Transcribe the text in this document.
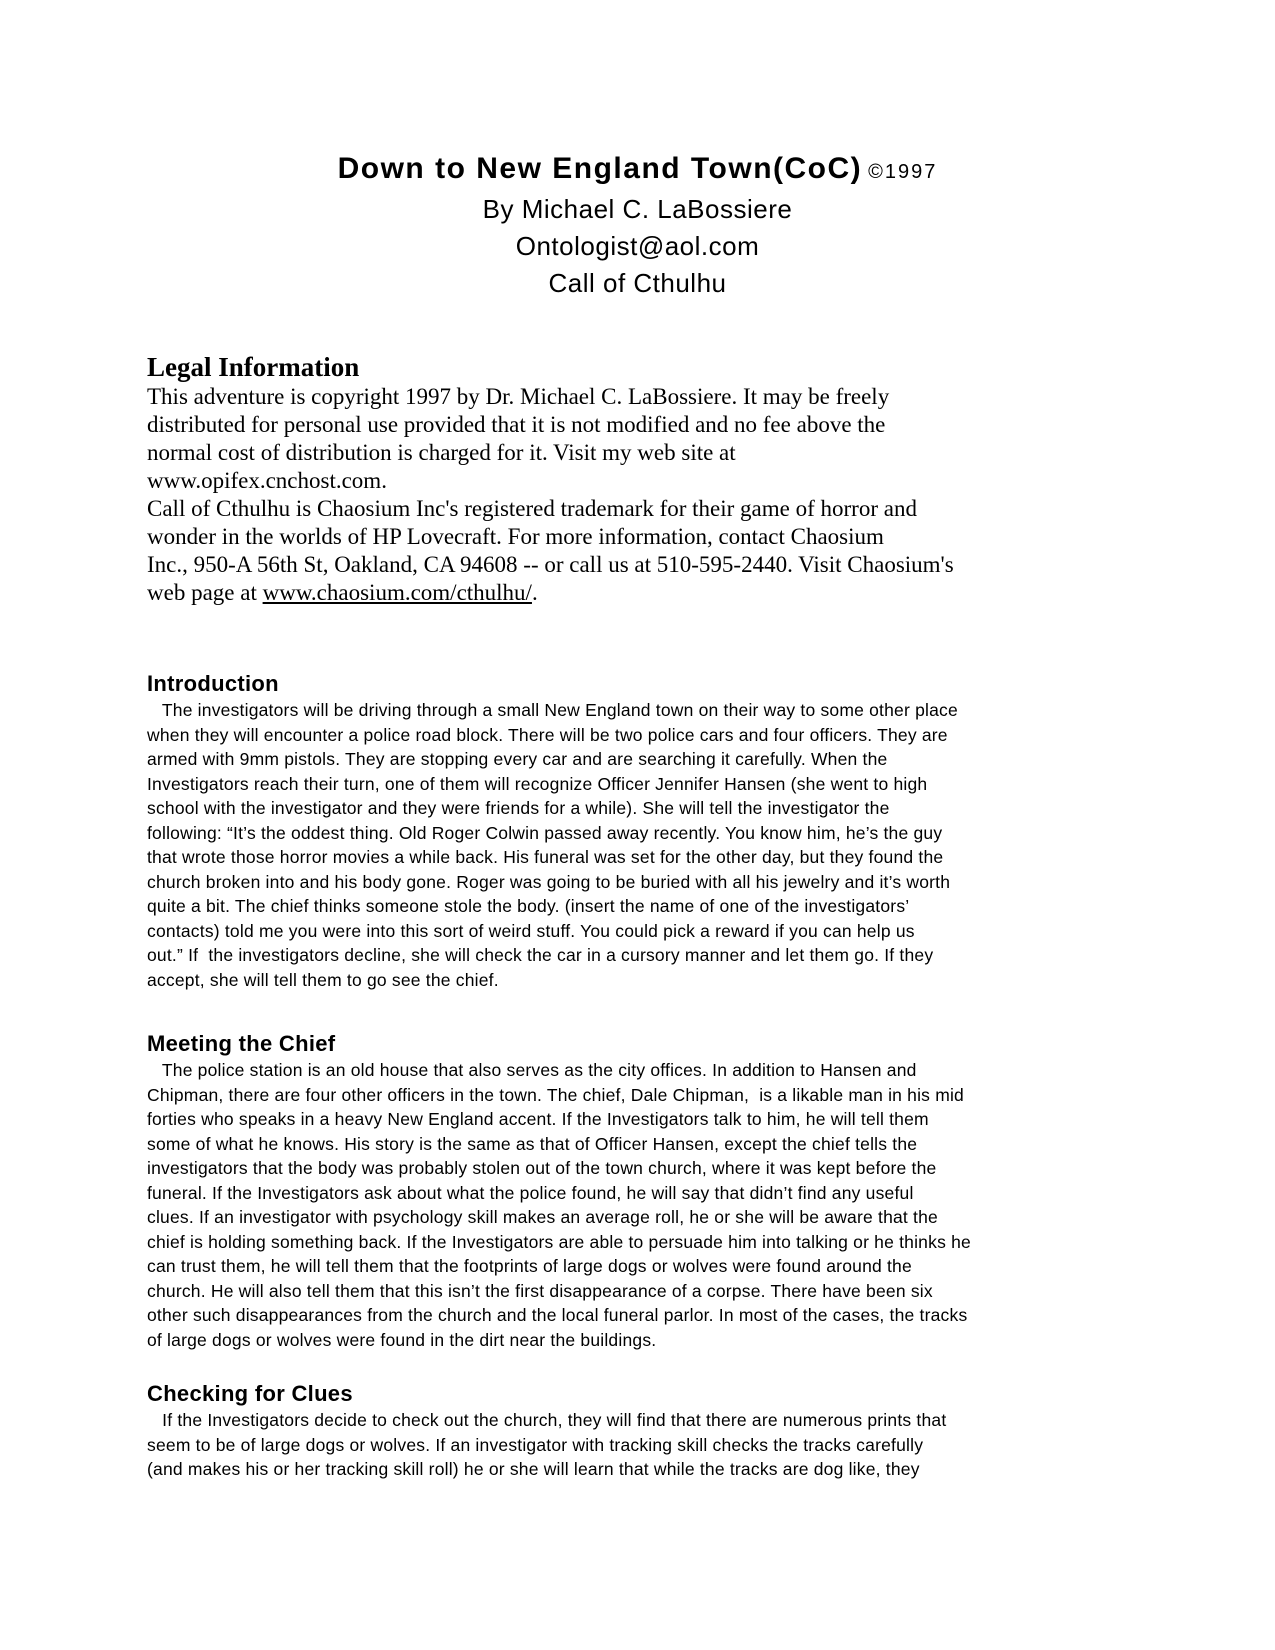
Down to New England Town(CoC) ©1997
By Michael C. LaBossiere
Ontologist@aol.com
Call of Cthulhu
Legal Information
This adventure is copyright 1997 by Dr. Michael C. LaBossiere. It may be freely
distributed for personal use provided that it is not modified and no fee above the
normal cost of distribution is charged for it. Visit my web site at
www.opifex.cnchost.com.
Call of Cthulhu is Chaosium Inc's registered trademark for their game of horror and
wonder in the worlds of HP Lovecraft. For more information, contact Chaosium
Inc., 950-A 56th St, Oakland, CA 94608 -- or call us at 510-595-2440. Visit Chaosium's
web page at www.chaosium.com/cthulhu/.
Introduction
The investigators will be driving through a small New England town on their way to some other place
when they will encounter a police road block. There will be two police cars and four officers. They are
armed with 9mm pistols. They are stopping every car and are searching it carefully. When the
Investigators reach their turn, one of them will recognize Officer Jennifer Hansen (she went to high
school with the investigator and they were friends for a while). She will tell the investigator the
following: “It’s the oddest thing. Old Roger Colwin passed away recently. You know him, he’s the guy
that wrote those horror movies a while back. His funeral was set for the other day, but they found the
church broken into and his body gone. Roger was going to be buried with all his jewelry and it’s worth
quite a bit. The chief thinks someone stole the body. (insert the name of one of the investigators’
contacts) told me you were into this sort of weird stuff. You could pick a reward if you can help us
out.” If  the investigators decline, she will check the car in a cursory manner and let them go. If they
accept, she will tell them to go see the chief.
Meeting the Chief
The police station is an old house that also serves as the city offices. In addition to Hansen and
Chipman, there are four other officers in the town. The chief, Dale Chipman,  is a likable man in his mid
forties who speaks in a heavy New England accent. If the Investigators talk to him, he will tell them
some of what he knows. His story is the same as that of Officer Hansen, except the chief tells the
investigators that the body was probably stolen out of the town church, where it was kept before the
funeral. If the Investigators ask about what the police found, he will say that didn’t find any useful
clues. If an investigator with psychology skill makes an average roll, he or she will be aware that the
chief is holding something back. If the Investigators are able to persuade him into talking or he thinks he
can trust them, he will tell them that the footprints of large dogs or wolves were found around the
church. He will also tell them that this isn’t the first disappearance of a corpse. There have been six
other such disappearances from the church and the local funeral parlor. In most of the cases, the tracks
of large dogs or wolves were found in the dirt near the buildings.
Checking for Clues
If the Investigators decide to check out the church, they will find that there are numerous prints that
seem to be of large dogs or wolves. If an investigator with tracking skill checks the tracks carefully
(and makes his or her tracking skill roll) he or she will learn that while the tracks are dog like, they
